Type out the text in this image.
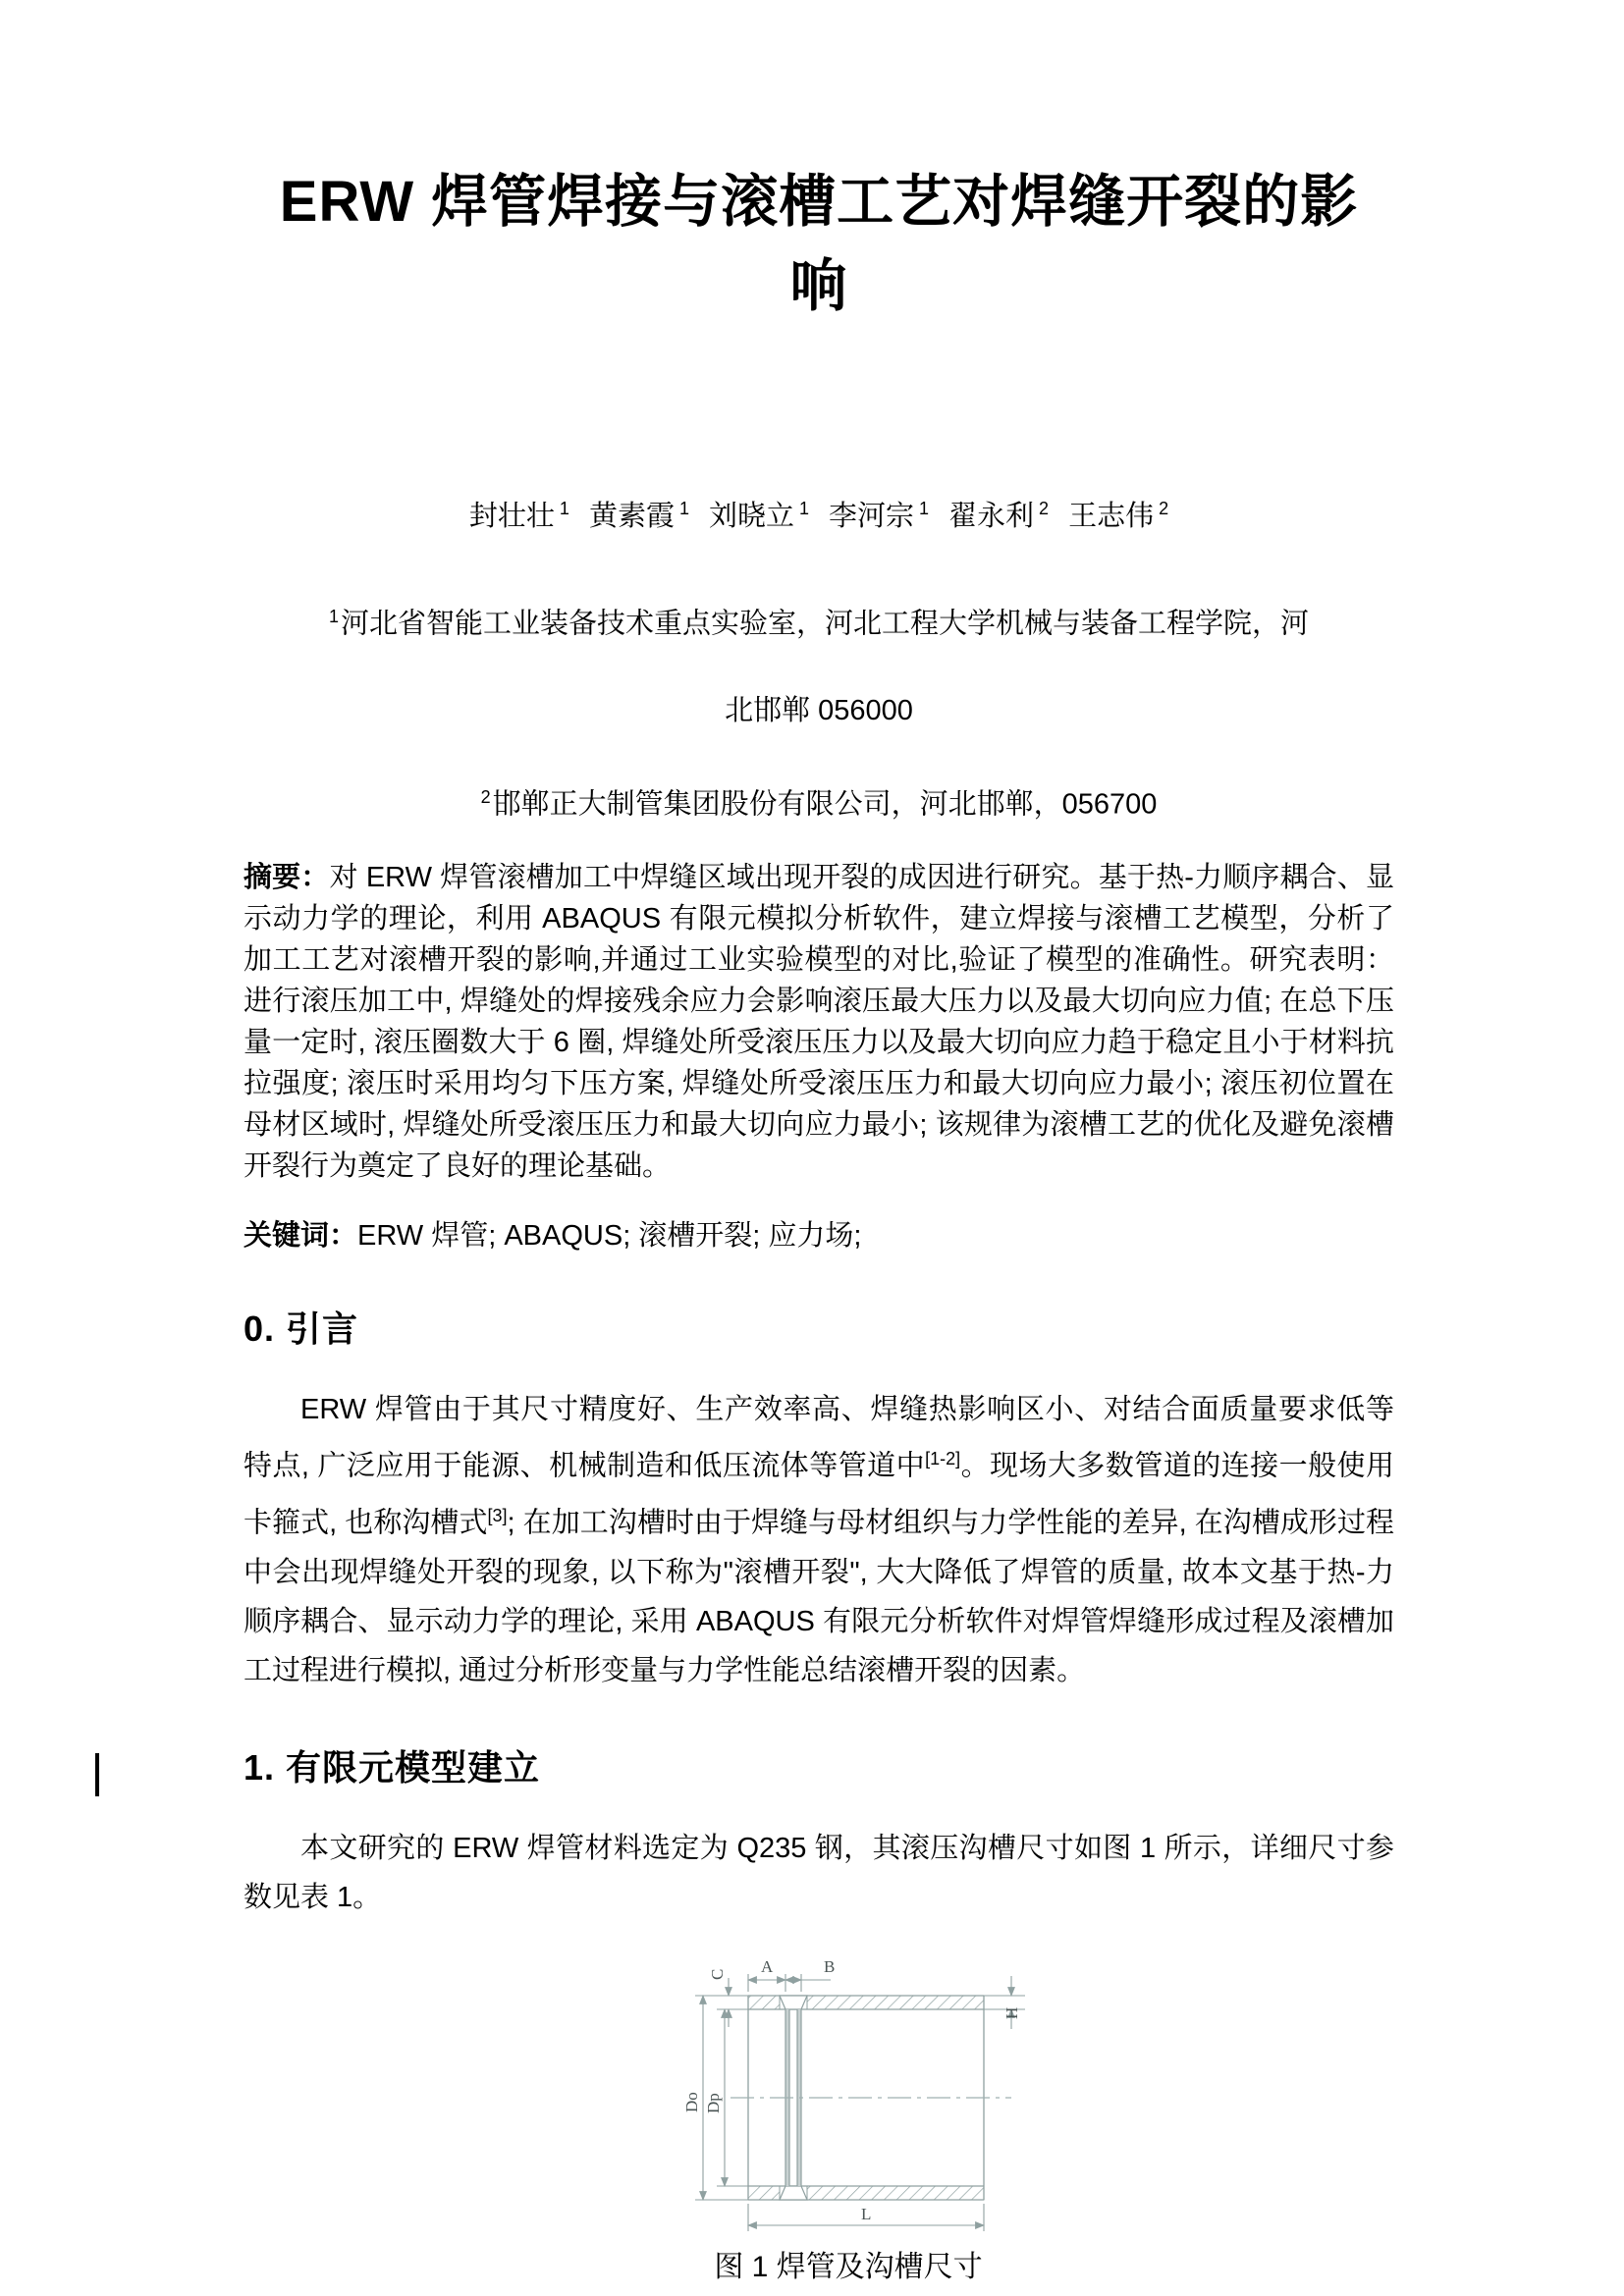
ERW 焊管焊接与滚槽工艺对焊缝开裂的影响
封壮壮 $^1$ 黄素霞 $^1$ 刘晓立 $^1$ 李河宗 $^1$ 翟永利 $^2$ 王志伟 $^2$
$^1$河北省智能工业装备技术重点实验室，河北工程大学机械与装备工程学院，河
北邯郸 056000
$^2$邯郸正大制管集团股份有限公司，河北邯郸，056700

摘要：对 ERW 焊管滚槽加工中焊缝区域出现开裂的成因进行研究。基于热-力顺序耦合、显示动力学的理论，利用 ABAQUS 有限元模拟分析软件，建立焊接与滚槽工艺模型，分析了加工工艺对滚槽开裂的影响,并通过工业实验模型的对比,验证了模型的准确性。研究表明：进行滚压加工中, 焊缝处的焊接残余应力会影响滚压最大压力以及最大切向应力值; 在总下压量一定时, 滚压圈数大于 6 圈, 焊缝处所受滚压压力以及最大切向应力趋于稳定且小于材料抗拉强度; 滚压时采用均匀下压方案, 焊缝处所受滚压压力和最大切向应力最小; 滚压初位置在母材区域时, 焊缝处所受滚压压力和最大切向应力最小; 该规律为滚槽工艺的优化及避免滚槽开裂行为奠定了良好的理论基础。

关键词：ERW 焊管; ABAQUS; 滚槽开裂; 应力场;

0. 引言

ERW 焊管由于其尺寸精度好、生产效率高、焊缝热影响区小、对结合面质量要求低等特点, 广泛应用于能源、机械制造和低压流体等管道中[1-2]。现场大多数管道的连接一般使用卡箍式, 也称沟槽式[3]; 在加工沟槽时由于焊缝与母材组织与力学性能的差异, 在沟槽成形过程中会出现焊缝处开裂的现象, 以下称为"滚槽开裂", 大大降低了焊管的质量, 故本文基于热-力顺序耦合、显示动力学的理论, 采用 ABAQUS 有限元分析软件对焊管焊缝形成过程及滚槽加工过程进行模拟, 通过分析形变量与力学性能总结滚槽开裂的因素。

1. 有限元模型建立

本文研究的 ERW 焊管材料选定为 Q235 钢，其滚压沟槽尺寸如图 1 所示，详细尺寸参数见表 1。

A	B
C
Do Dp
H
L
图 1 焊管及沟槽尺寸
